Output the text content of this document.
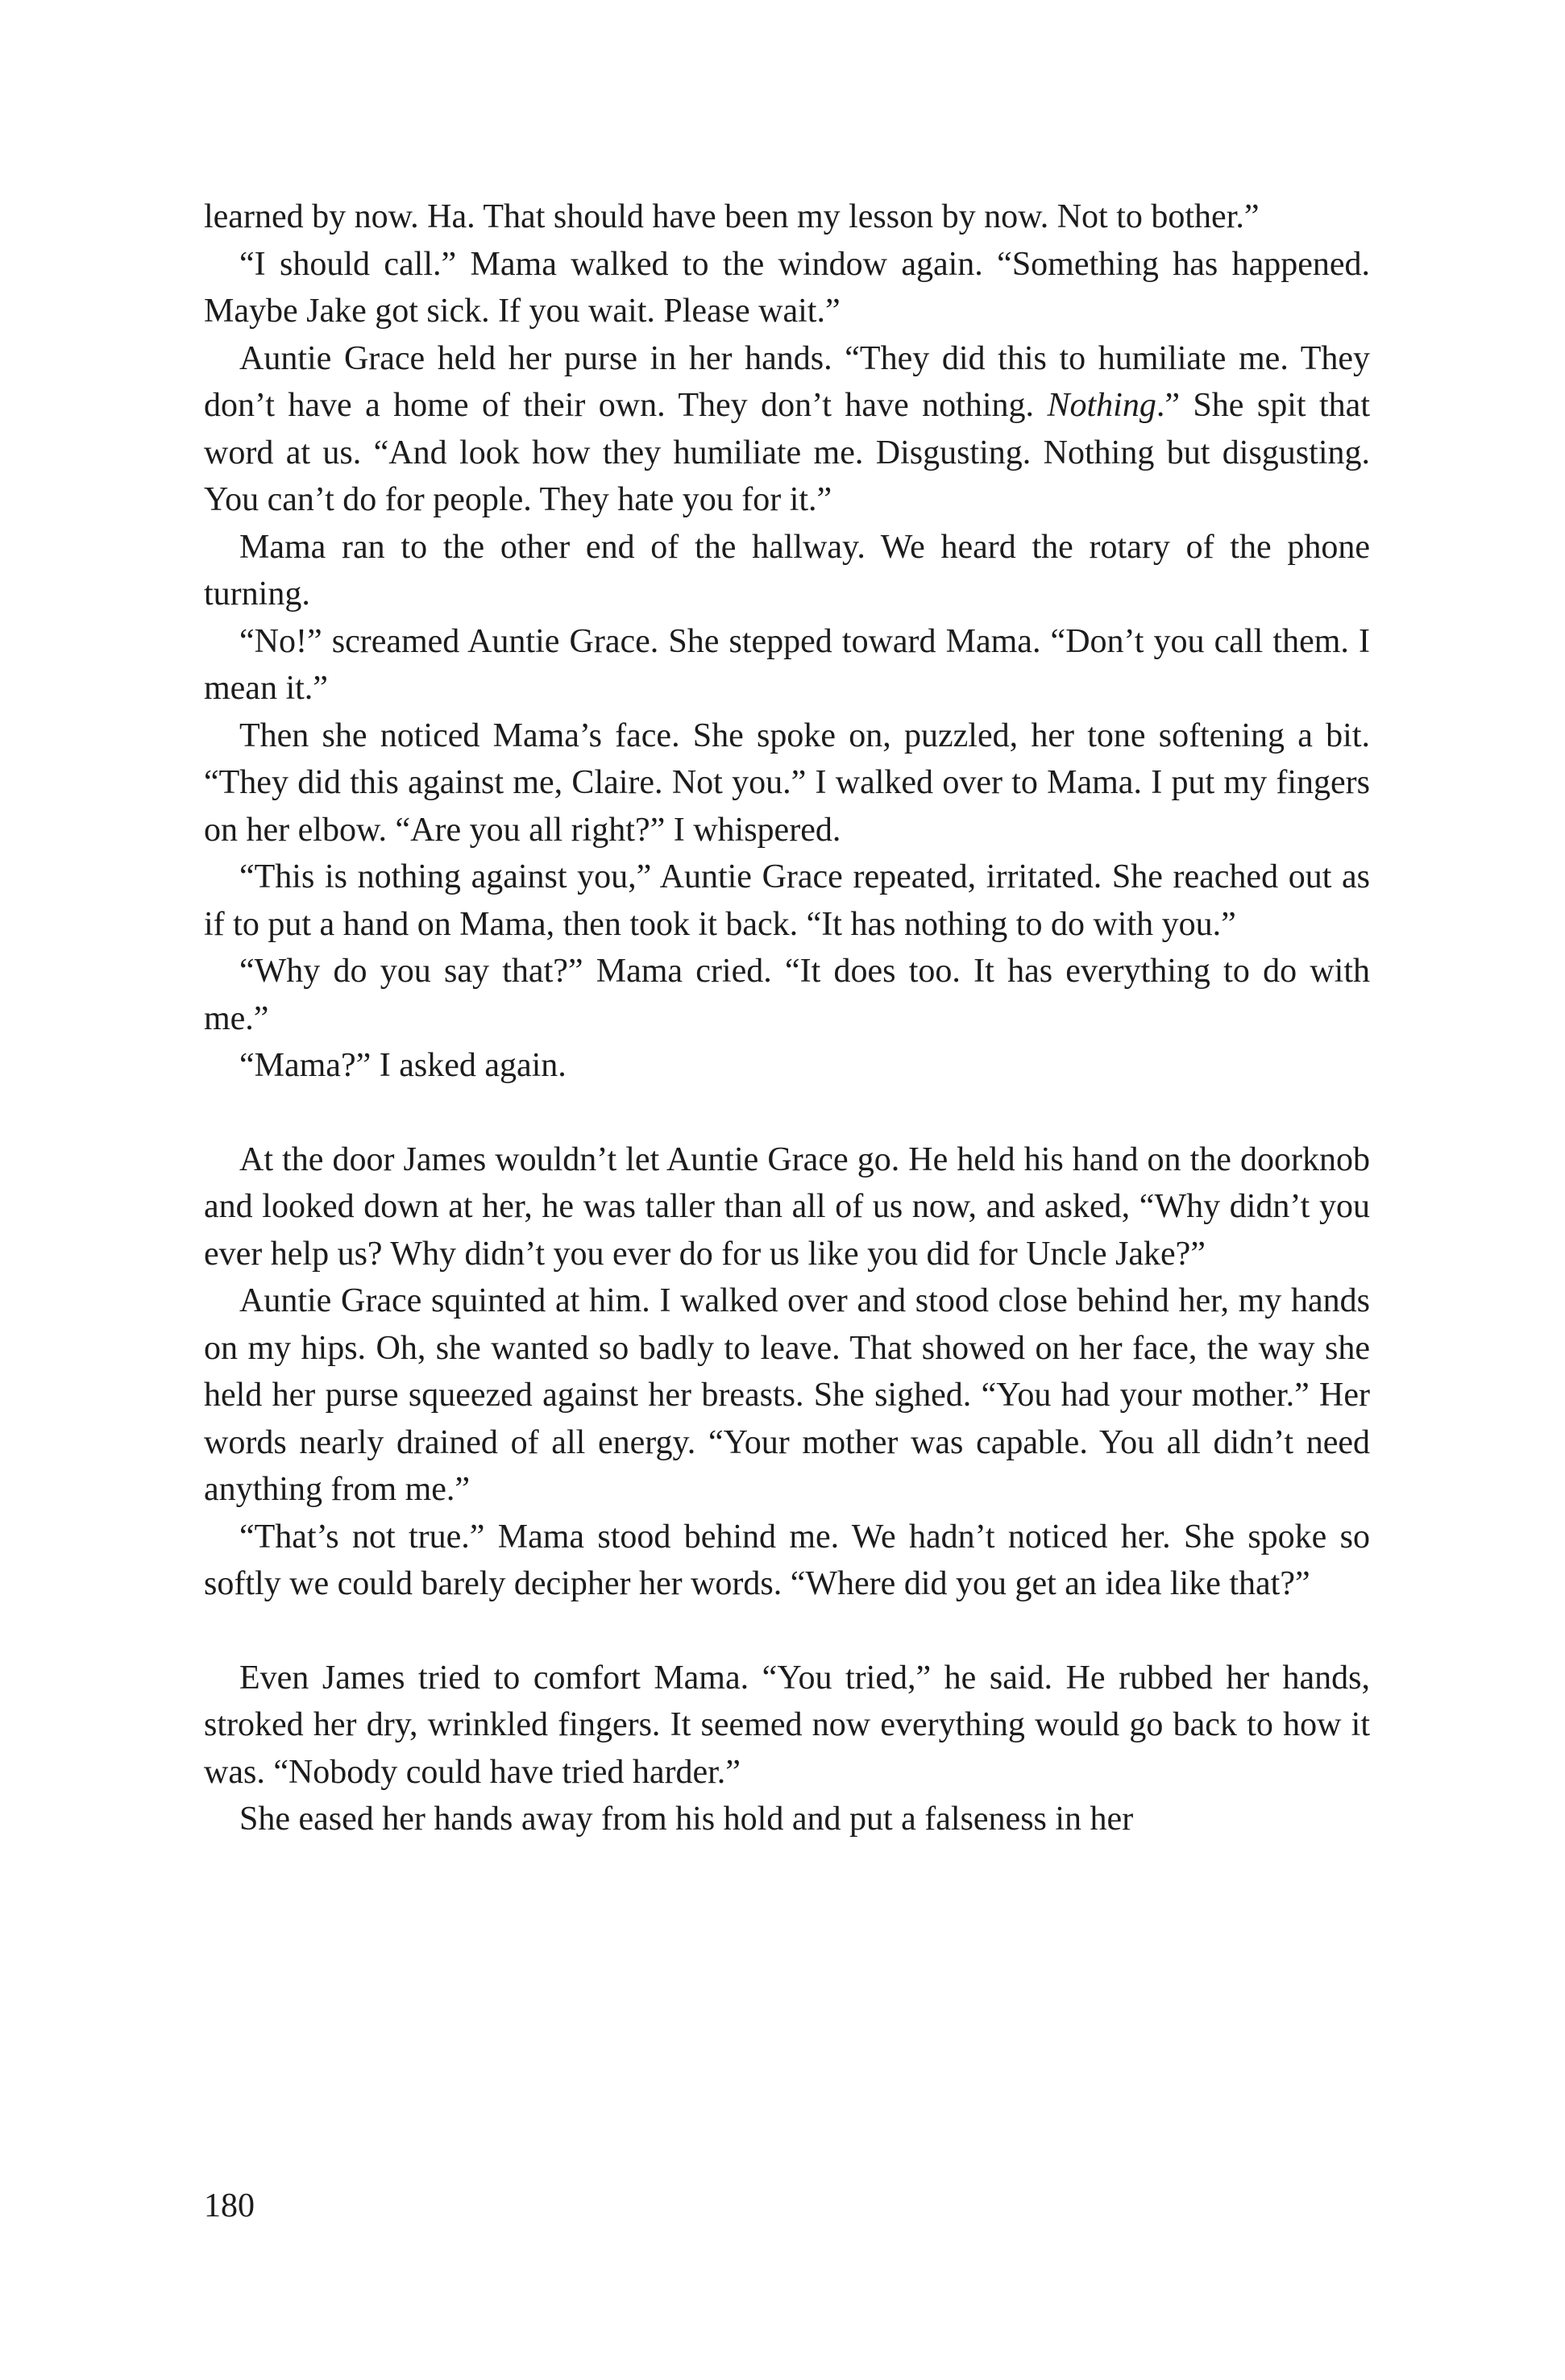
learned by now. Ha. That should have been my lesson by now. Not to bother.”

“I should call.” Mama walked to the window again. “Something has happened. Maybe Jake got sick. If you wait. Please wait.”

Auntie Grace held her purse in her hands. “They did this to humiliate me. They don’t have a home of their own. They don’t have nothing. Nothing.” She spit that word at us. “And look how they humiliate me. Disgusting. Nothing but disgusting. You can’t do for people. They hate you for it.”

Mama ran to the other end of the hallway. We heard the rotary of the phone turning.

“No!” screamed Auntie Grace. She stepped toward Mama. “Don’t you call them. I mean it.”

Then she noticed Mama’s face. She spoke on, puzzled, her tone softening a bit. “They did this against me, Claire. Not you.” I walked over to Mama. I put my fingers on her elbow. “Are you all right?” I whispered.

“This is nothing against you,” Auntie Grace repeated, irritated. She reached out as if to put a hand on Mama, then took it back. “It has nothing to do with you.”

“Why do you say that?” Mama cried. “It does too. It has everything to do with me.”

“Mama?” I asked again.

At the door James wouldn’t let Auntie Grace go. He held his hand on the doorknob and looked down at her, he was taller than all of us now, and asked, “Why didn’t you ever help us? Why didn’t you ever do for us like you did for Uncle Jake?”

Auntie Grace squinted at him. I walked over and stood close behind her, my hands on my hips. Oh, she wanted so badly to leave. That showed on her face, the way she held her purse squeezed against her breasts. She sighed. “You had your mother.” Her words nearly drained of all energy. “Your mother was capable. You all didn’t need anything from me.”

“That’s not true.” Mama stood behind me. We hadn’t noticed her. She spoke so softly we could barely decipher her words. “Where did you get an idea like that?”

Even James tried to comfort Mama. “You tried,” he said. He rubbed her hands, stroked her dry, wrinkled fingers. It seemed now everything would go back to how it was. “Nobody could have tried harder.”

She eased her hands away from his hold and put a falseness in her

180
